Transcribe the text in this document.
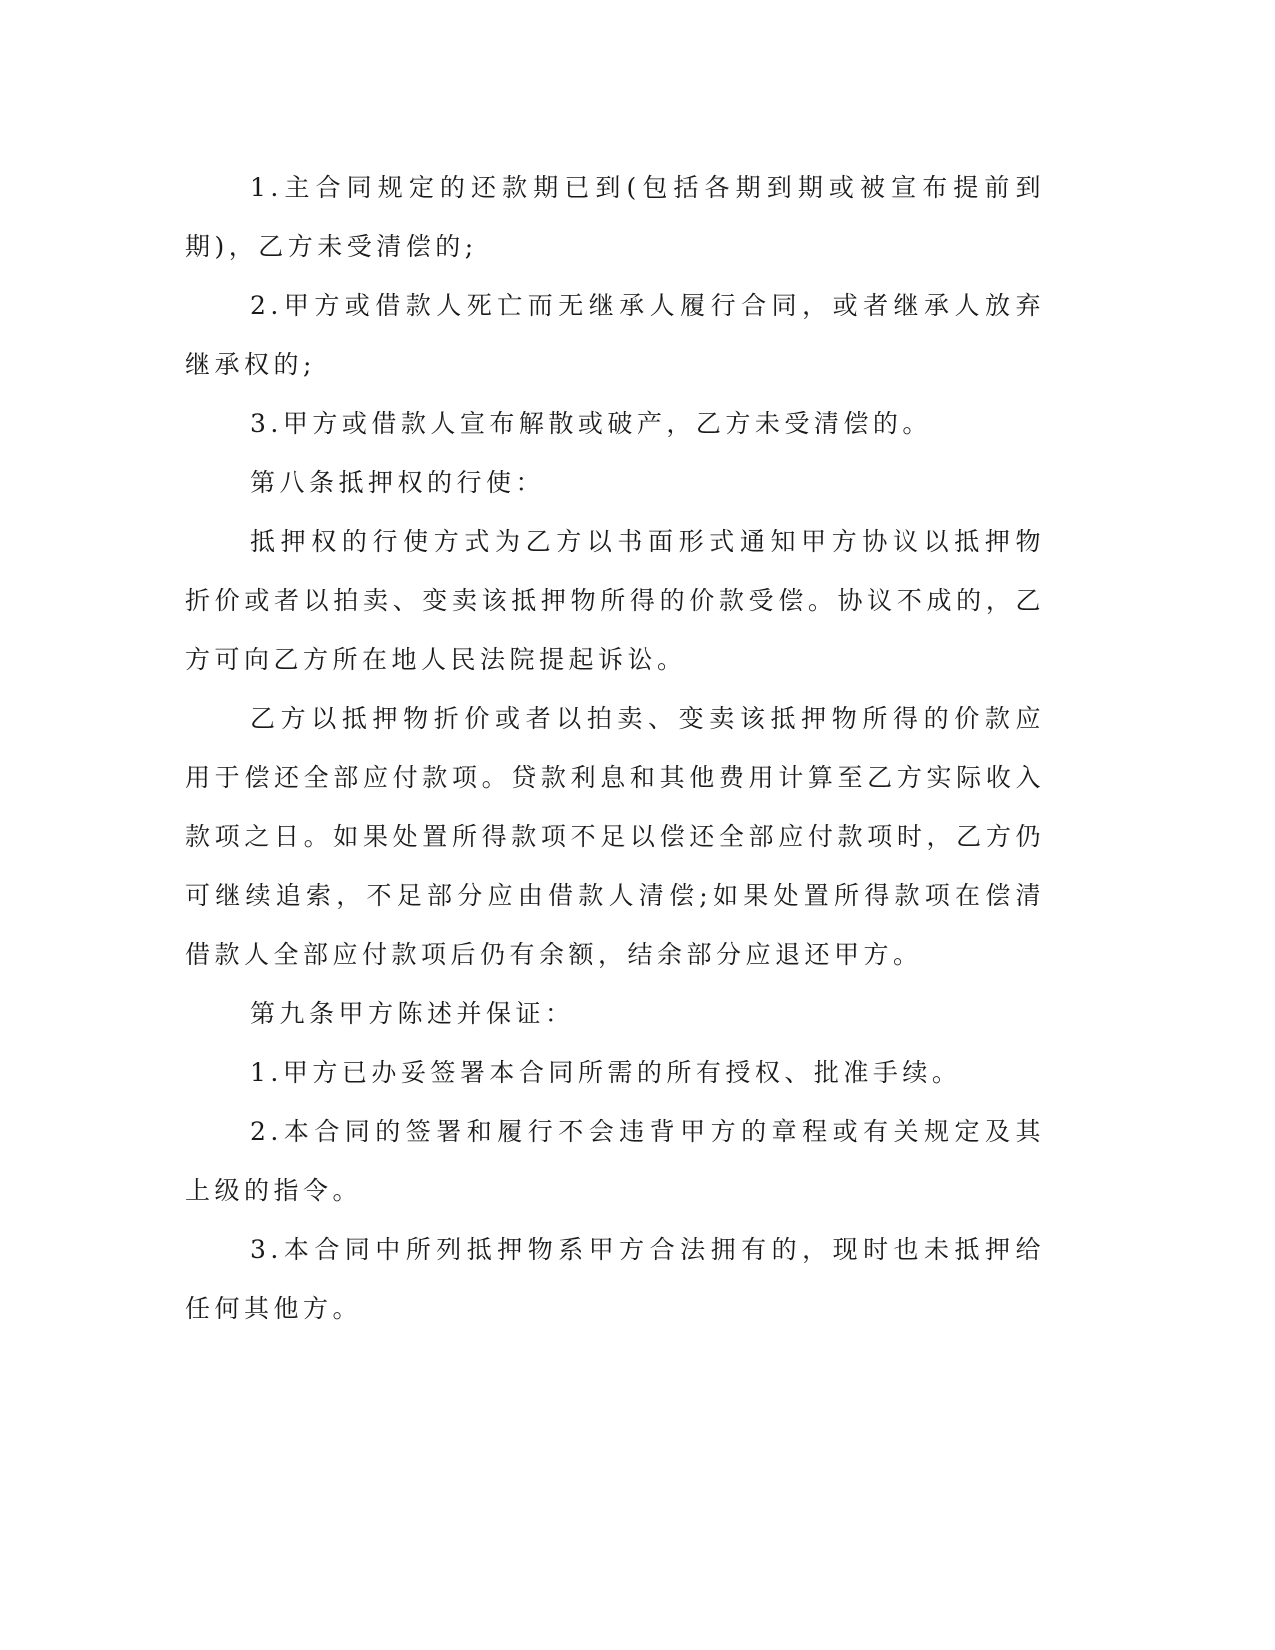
1.主合同规定的还款期已到(包括各期到期或被宣布提前到期)，乙方未受清偿的;

2.甲方或借款人死亡而无继承人履行合同，或者继承人放弃继承权的;

3.甲方或借款人宣布解散或破产，乙方未受清偿的。

第八条抵押权的行使：

抵押权的行使方式为乙方以书面形式通知甲方协议以抵押物折价或者以拍卖、变卖该抵押物所得的价款受偿。协议不成的，乙方可向乙方所在地人民法院提起诉讼。

乙方以抵押物折价或者以拍卖、变卖该抵押物所得的价款应用于偿还全部应付款项。贷款利息和其他费用计算至乙方实际收入款项之日。如果处置所得款项不足以偿还全部应付款项时，乙方仍可继续追索，不足部分应由借款人清偿;如果处置所得款项在偿清借款人全部应付款项后仍有余额，结余部分应退还甲方。

第九条甲方陈述并保证：

1.甲方已办妥签署本合同所需的所有授权、批准手续。

2.本合同的签署和履行不会违背甲方的章程或有关规定及其上级的指令。

3.本合同中所列抵押物系甲方合法拥有的，现时也未抵押给任何其他方。
